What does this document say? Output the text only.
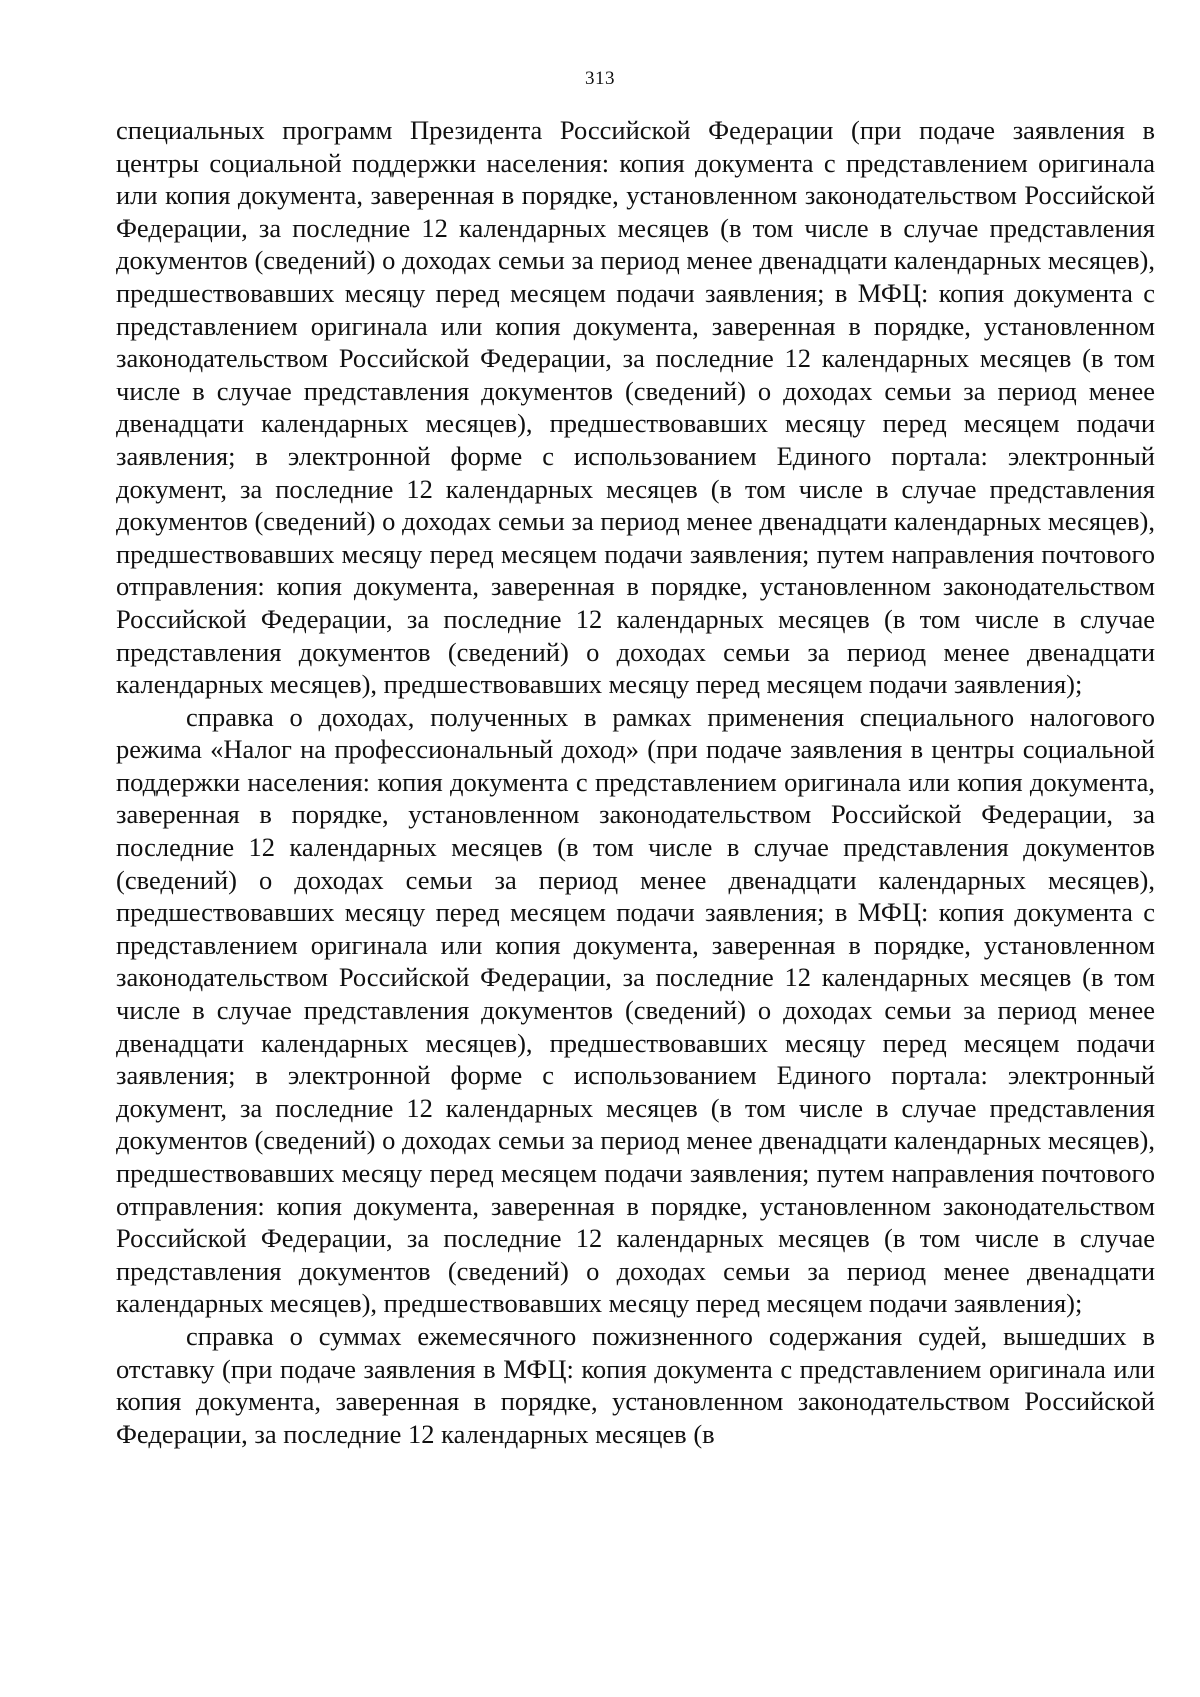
313

специальных программ Президента Российской Федерации (при подаче заявления в центры социальной поддержки населения: копия документа с представлением оригинала или копия документа, заверенная в порядке, установленном законодательством Российской Федерации, за последние 12 календарных месяцев (в том числе в случае представления документов (сведений) о доходах семьи за период менее двенадцати календарных месяцев), предшествовавших месяцу перед месяцем подачи заявления; в МФЦ: копия документа с представлением оригинала или копия документа, заверенная в порядке, установленном законодательством Российской Федерации, за последние 12 календарных месяцев (в том числе в случае представления документов (сведений) о доходах семьи за период менее двенадцати календарных месяцев), предшествовавших месяцу перед месяцем подачи заявления; в электронной форме с использованием Единого портала: электронный документ, за последние 12 календарных месяцев (в том числе в случае представления документов (сведений) о доходах семьи за период менее двенадцати календарных месяцев), предшествовавших месяцу перед месяцем подачи заявления; путем направления почтового отправления: копия документа, заверенная в порядке, установленном законодательством Российской Федерации, за последние 12 календарных месяцев (в том числе в случае представления документов (сведений) о доходах семьи за период менее двенадцати календарных месяцев), предшествовавших месяцу перед месяцем подачи заявления);

справка о доходах, полученных в рамках применения специального налогового режима «Налог на профессиональный доход» (при подаче заявления в центры социальной поддержки населения: копия документа с представлением оригинала или копия документа, заверенная в порядке, установленном законодательством Российской Федерации, за последние 12 календарных месяцев (в том числе в случае представления документов (сведений) о доходах семьи за период менее двенадцати календарных месяцев), предшествовавших месяцу перед месяцем подачи заявления; в МФЦ: копия документа с представлением оригинала или копия документа, заверенная в порядке, установленном законодательством Российской Федерации, за последние 12 календарных месяцев (в том числе в случае представления документов (сведений) о доходах семьи за период менее двенадцати календарных месяцев), предшествовавших месяцу перед месяцем подачи заявления; в электронной форме с использованием Единого портала: электронный документ, за последние 12 календарных месяцев (в том числе в случае представления документов (сведений) о доходах семьи за период менее двенадцати календарных месяцев), предшествовавших месяцу перед месяцем подачи заявления; путем направления почтового отправления: копия документа, заверенная в порядке, установленном законодательством Российской Федерации, за последние 12 календарных месяцев (в том числе в случае представления документов (сведений) о доходах семьи за период менее двенадцати календарных месяцев), предшествовавших месяцу перед месяцем подачи заявления);

справка о суммах ежемесячного пожизненного содержания судей, вышедших в отставку (при подаче заявления в МФЦ: копия документа с представлением оригинала или копия документа, заверенная в порядке, установленном законодательством Российской Федерации, за последние 12 календарных месяцев (в
